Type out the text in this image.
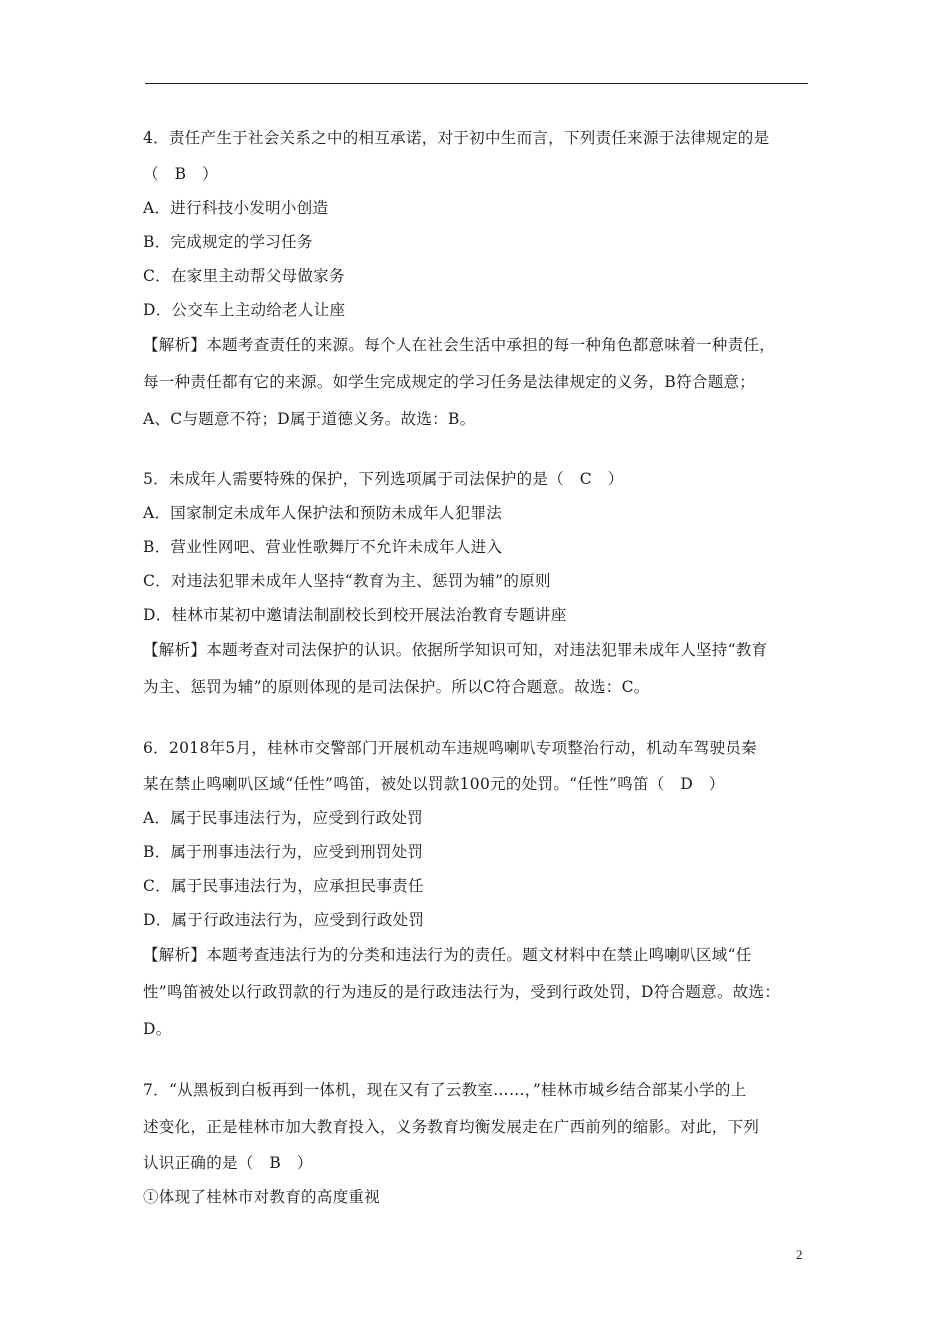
4．责任产生于社会关系之中的相互承诺，对于初中生而言，下列责任来源于法律规定的是
（　B　）
A．进行科技小发明小创造
B．完成规定的学习任务
C．在家里主动帮父母做家务
D．公交车上主动给老人让座
【解析】本题考查责任的来源。每个人在社会生活中承担的每一种角色都意味着一种责任，
每一种责任都有它的来源。如学生完成规定的学习任务是法律规定的义务，B符合题意；
A、C与题意不符；D属于道德义务。故选：B。
5．未成年人需要特殊的保护，下列选项属于司法保护的是（　C　）
A．国家制定未成年人保护法和预防未成年人犯罪法
B．营业性网吧、营业性歌舞厅不允许未成年人进入
C．对违法犯罪未成年人坚持“教育为主、惩罚为辅”的原则
D．桂林市某初中邀请法制副校长到校开展法治教育专题讲座
【解析】本题考查对司法保护的认识。依据所学知识可知，对违法犯罪未成年人坚持“教育
为主、惩罚为辅”的原则体现的是司法保护。所以C符合题意。故选：C。
6．2018年5月，桂林市交警部门开展机动车违规鸣喇叭专项整治行动，机动车驾驶员秦
某在禁止鸣喇叭区域“任性”鸣笛，被处以罚款100元的处罚。“任性”鸣笛（　D　）
A．属于民事违法行为，应受到行政处罚
B．属于刑事违法行为，应受到刑罚处罚
C．属于民事违法行为，应承担民事责任
D．属于行政违法行为，应受到行政处罚
【解析】本题考查违法行为的分类和违法行为的责任。题文材料中在禁止鸣喇叭区域“任
性”鸣笛被处以行政罚款的行为违反的是行政违法行为，受到行政处罚，D符合题意。故选：
D。
7．“从黑板到白板再到一体机，现在又有了云教室……，”桂林市城乡结合部某小学的上
述变化，正是桂林市加大教育投入，义务教育均衡发展走在广西前列的缩影。对此，下列
认识正确的是（　B　）
①体现了桂林市对教育的高度重视
2
